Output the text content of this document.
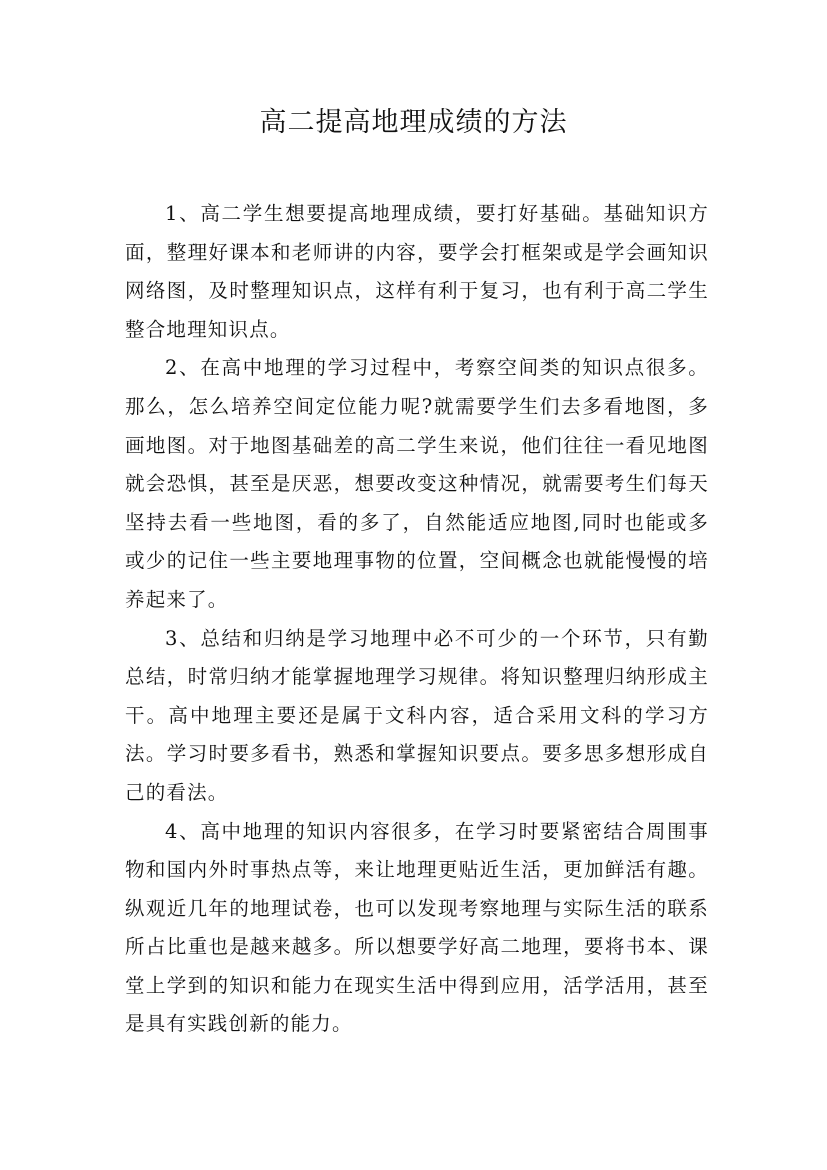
高二提高地理成绩的方法

1、高二学生想要提高地理成绩，要打好基础。基础知识方面，整理好课本和老师讲的内容，要学会打框架或是学会画知识网络图，及时整理知识点，这样有利于复习，也有利于高二学生整合地理知识点。

2、在高中地理的学习过程中，考察空间类的知识点很多。那么，怎么培养空间定位能力呢?就需要学生们去多看地图，多画地图。对于地图基础差的高二学生来说，他们往往一看见地图就会恐惧，甚至是厌恶，想要改变这种情况，就需要考生们每天坚持去看一些地图，看的多了，自然能适应地图,同时也能或多或少的记住一些主要地理事物的位置，空间概念也就能慢慢的培养起来了。

3、总结和归纳是学习地理中必不可少的一个环节，只有勤总结，时常归纳才能掌握地理学习规律。将知识整理归纳形成主干。高中地理主要还是属于文科内容，适合采用文科的学习方法。学习时要多看书，熟悉和掌握知识要点。要多思多想形成自己的看法。

4、高中地理的知识内容很多，在学习时要紧密结合周围事物和国内外时事热点等，来让地理更贴近生活，更加鲜活有趣。纵观近几年的地理试卷，也可以发现考察地理与实际生活的联系所占比重也是越来越多。所以想要学好高二地理，要将书本、课堂上学到的知识和能力在现实生活中得到应用，活学活用，甚至是具有实践创新的能力。
